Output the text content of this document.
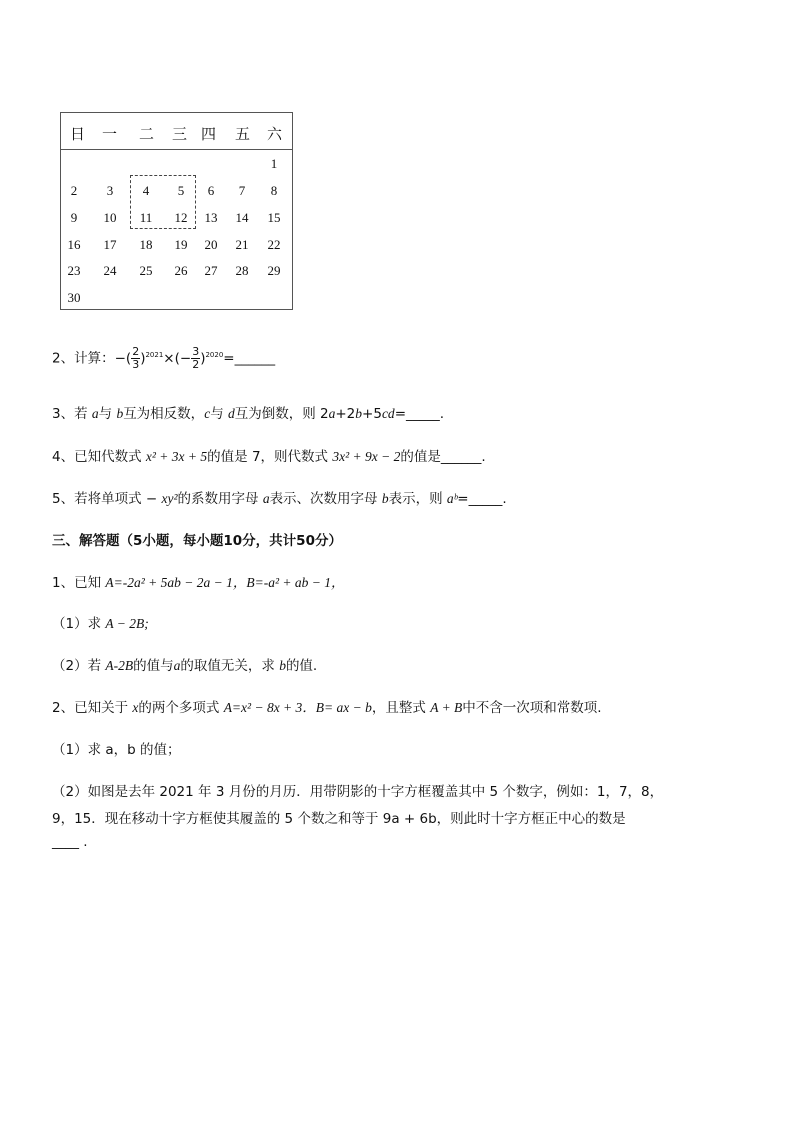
日 一 二 三 四 五 六
1
2 3 4 5 6 7 8
9 10 11 12 13 14 15
16 17 18 19 20 21 22
23 24 25 26 27 28 29
30
2、计算：−( $\frac{2}{3} )^{2021}\times(- \frac{3}{2}$ )$^{2020}=\_\_\_\_\_\_$
3、若 a与 b互为相反数，c与 d互为倒数，则 2a+2b+5cd=_____.
4、已知代数式 x² + 3x + 5的值是 7，则代数式 3x² + 9x − 2的值是______.
5、若将单项式 − xy²的系数用字母 a表示、次数用字母 b表示，则 aᵇ=_____.
三、解答题（5小题，每小题10分，共计50分）
1、已知 A=-2a² + 5ab − 2a − 1，B=-a² + ab − 1，
（1）求 A − 2B;
（2）若 A-2B的值与a的取值无关，求 b的值.
2、已知关于 x的两个多项式 A=x² − 8x + 3．B= ax − b，且整式 A + B中不含一次项和常数项.
（1）求 a，b 的值；
（2）如图是去年 2021 年 3 月份的月历．用带阴影的十字方框覆盖其中 5 个数字，例如：1，7，8，
9，15．现在移动十字方框使其履盖的 5 个数之和等于 9a + 6b，则此时十字方框正中心的数是
____ .
